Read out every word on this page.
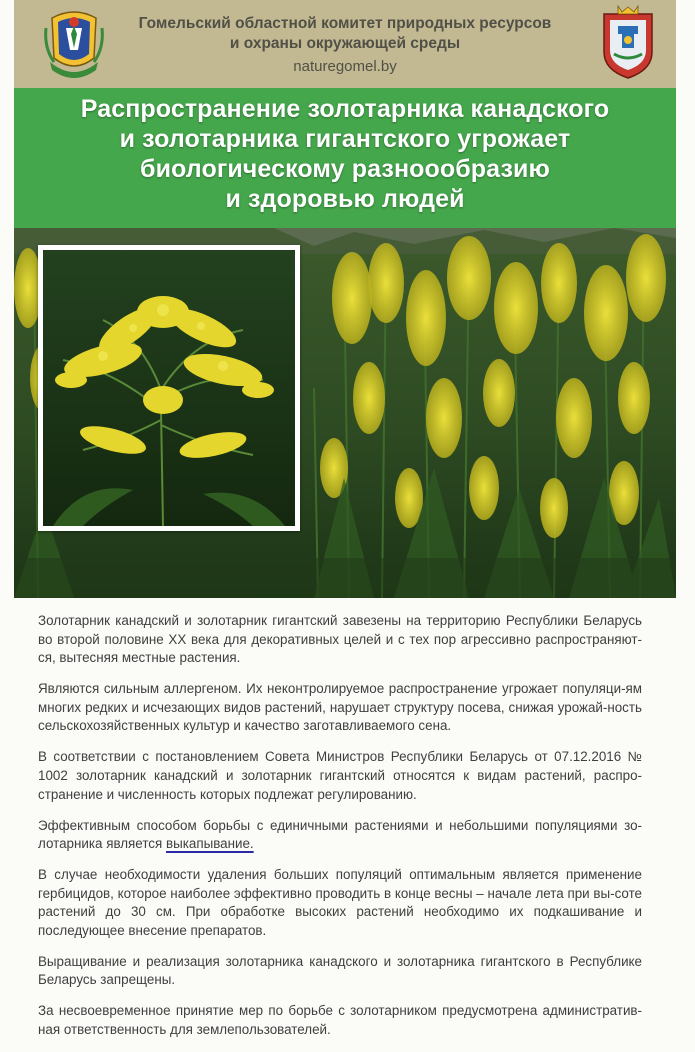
Гомельский областной комитет природных ресурсов
и охраны окружающей среды
naturegomel.by
Распространение золотарника канадского
и золотарника гигантского угрожает
биологическому разноообразию
и здоровью людей

Золотарник канадский и золотарник гигантский завезены на территорию Республики Беларусь во второй половине XX века для декоративных целей и с тех пор агрессивно распространяют-ся, вытесняя местные растения.

Являются сильным аллергеном. Их неконтролируемое распространение угрожает популяци-ям многих редких и исчезающих видов растений, нарушает структуру посева, снижая урожай-ность сельскохозяйственных культур и качество заготавливаемого сена.

В соответствии с постановлением Совета Министров Республики Беларусь от 07.12.2016 № 1002 золотарник канадский и золотарник гигантский относятся к видам растений, распро-странение и численность которых подлежат регулированию.

Эффективным способом борьбы с единичными растениями и небольшими популяциями зо-лотарника является выкапывание.

В случае необходимости удаления больших популяций оптимальным является применение гербицидов, которое наиболее эффективно проводить в конце весны – начале лета при вы-соте растений до 30 см. При обработке высоких растений необходимо их подкашивание и последующее внесение препаратов.

Выращивание и реализация золотарника канадского и золотарника гигантского в Республике Беларусь запрещены.

За несвоевременное принятие мер по борьбе с золотарником предусмотрена административ-ная ответственность для землепользователей.
